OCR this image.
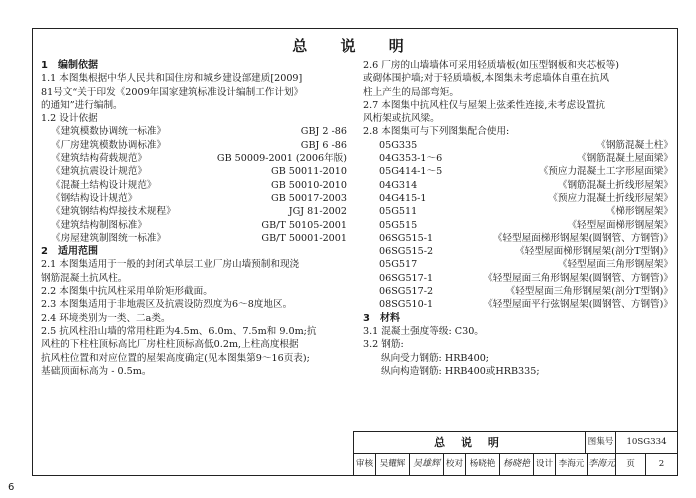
总 说 明
1　编制依据
1.1 本图集根据中华人民共和国住房和城乡建设部建质[2009]
81号文“关于印发《2009年国家建筑标准设计编制工作计划》
的通知”进行编制。
1.2 设计依据
《建筑模数协调统一标准》	GBJ 2 -86
《厂房建筑模数协调标准》	GBJ 6 -86
《建筑结构荷载规范》	GB 50009-2001 (2006年版)
《建筑抗震设计规范》	GB 50011-2010
《混凝土结构设计规范》	GB 50010-2010
《钢结构设计规范》	GB 50017-2003
《建筑钢结构焊接技术规程》	JGJ 81-2002
《建筑结构制图标准》	GB/T 50105-2001
《房屋建筑制图统一标准》	GB/T 50001-2001
2　适用范围
2.1 本图集适用于一般的封闭式单层工业厂房山墙预制和现浇
钢筋混凝土抗风柱。
2.2 本图集中抗风柱采用单阶矩形截面。
2.3 本图集适用于非地震区及抗震设防烈度为6～8度地区。
2.4 环境类别为一类、二a类。
2.5 抗风柱沿山墙的常用柱距为4.5m、6.0m、7.5m和 9.0m;抗
风柱的下柱柱顶标高比厂房柱柱顶标高低0.2m,上柱高度根据
抗风柱位置和对应位置的屋架高度确定(见本图集第9～16页表);
基础顶面标高为 - 0.5m。
2.6 厂房的山墙墙体可采用轻质墙板(如压型钢板和夹芯板等)
或砌体围护墙;对于轻质墙板,本图集未考虑墙体自重在抗风
柱上产生的局部弯矩。
2.7 本图集中抗风柱仅与屋架上弦柔性连接,未考虑设置抗
风桁架或抗风梁。
2.8 本图集可与下列图集配合使用:
05G335	《钢筋混凝土柱》
04G353-1～6	《钢筋混凝土屋面梁》
05G414-1～5	《预应力混凝土工字形屋面梁》
04G314	《钢筋混凝土折线形屋架》
04G415-1	《预应力混凝土折线形屋架》
05G511	《梯形钢屋架》
05G515	《轻型屋面梯形钢屋架》
06SG515-1	《轻型屋面梯形钢屋架(圆钢管、方钢管)》
06SG515-2	《轻型屋面梯形钢屋架(剖分T型钢)》
05G517	《轻型屋面三角形钢屋架》
06SG517-1	《轻型屋面三角形钢屋架(圆钢管、方钢管)》
06SG517-2	《轻型屋面三角形钢屋架(剖分T型钢)》
08SG510-1	《轻型屋面平行弦钢屋架(圆钢管、方钢管)》
3　材料
3.1 混凝土强度等级: C30。
3.2 钢筋:
纵向受力钢筋: HRB400;
纵向构造钢筋: HRB400或HRB335;
总 说 明	图集号	10SG334
审核 吴耀辉 吴雄辉 校对 杨晓艳 杨晓艳 设计 李海元 李海元	页	2
6
